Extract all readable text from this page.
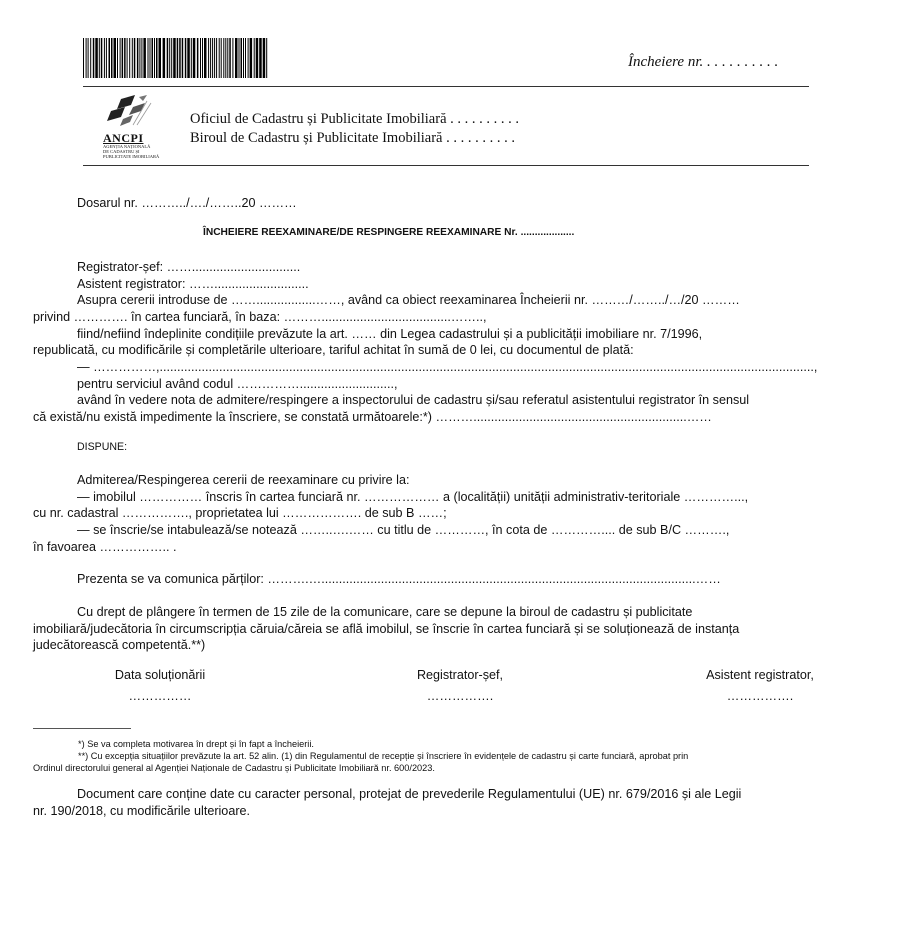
Încheiere nr. . . . . . . . . . .
ANCPI
AGENȚIA NAȚIONALĂ
DE CADASTRU ȘI
PUBLICITATE IMOBILIARĂ
Oficiul de Cadastru și Publicitate Imobiliară . . . . . . . . . .
Biroul de Cadastru și Publicitate Imobiliară . . . . . . . . . .
Dosarul nr. ………../…./……..20 ………
ÎNCHEIERE REEXAMINARE/DE RESPINGERE REEXAMINARE Nr. ...................
Registrator-șef: ……...............................
Asistent registrator: ……...........................
Asupra cererii introduse de …….................……, având ca obiect reexaminarea Încheierii nr. ………/……../…/20 ………
privind …………. în cartea funciară, în baza: ……….....................................……..,
fiind/nefiind îndeplinite condițiile prevăzute la art. …… din Legea cadastrului și a publicității imobiliare nr. 7/1996,
republicată, cu modificările și completările ulterioare, tariful achitat în sumă de 0 lei, cu documentul de plată:
— ……………,...........................................................................................................................................................................................,
pentru serviciul având codul ……………...........................,
având în vedere nota de admitere/respingere a inspectorului de cadastru și/sau referatul asistentului registrator în sensul
că există/nu există impedimente la înscriere, se constată următoarele:*) ……….............................................................……
DISPUNE:
Admiterea/Respingerea cererii de reexaminare cu privire la:
— imobilul …………… înscris în cartea funciară nr. ……………… a (localității) unității administrativ-teritoriale …………...,
cu nr. cadastral ……………., proprietatea lui ………………. de sub B ……;
— se înscrie/se intabulează/se notează ……..….…… cu titlu de …………, în cota de ………….... de sub B/C ……….,
în favoarea …………….. .
Prezenta se va comunica părților: ……….…...........................................................................................................……
Cu drept de plângere în termen de 15 zile de la comunicare, care se depune la biroul de cadastru și publicitate
imobiliară/judecătoria în circumscripția căruia/căreia se află imobilul, se înscrie în cartea funciară și se soluționează de instanța
judecătorească competentă.**)
Data soluționării
……………
Registrator-șef,
…………….
Asistent registrator,
…………….
*) Se va completa motivarea în drept și în fapt a încheierii.
**) Cu excepția situațiilor prevăzute la art. 52 alin. (1) din Regulamentul de recepție și înscriere în evidențele de cadastru și carte funciară, aprobat prin
Ordinul directorului general al Agenției Naționale de Cadastru și Publicitate Imobiliară nr. 600/2023.
Document care conține date cu caracter personal, protejat de prevederile Regulamentului (UE) nr. 679/2016 și ale Legii
nr. 190/2018, cu modificările ulterioare.
